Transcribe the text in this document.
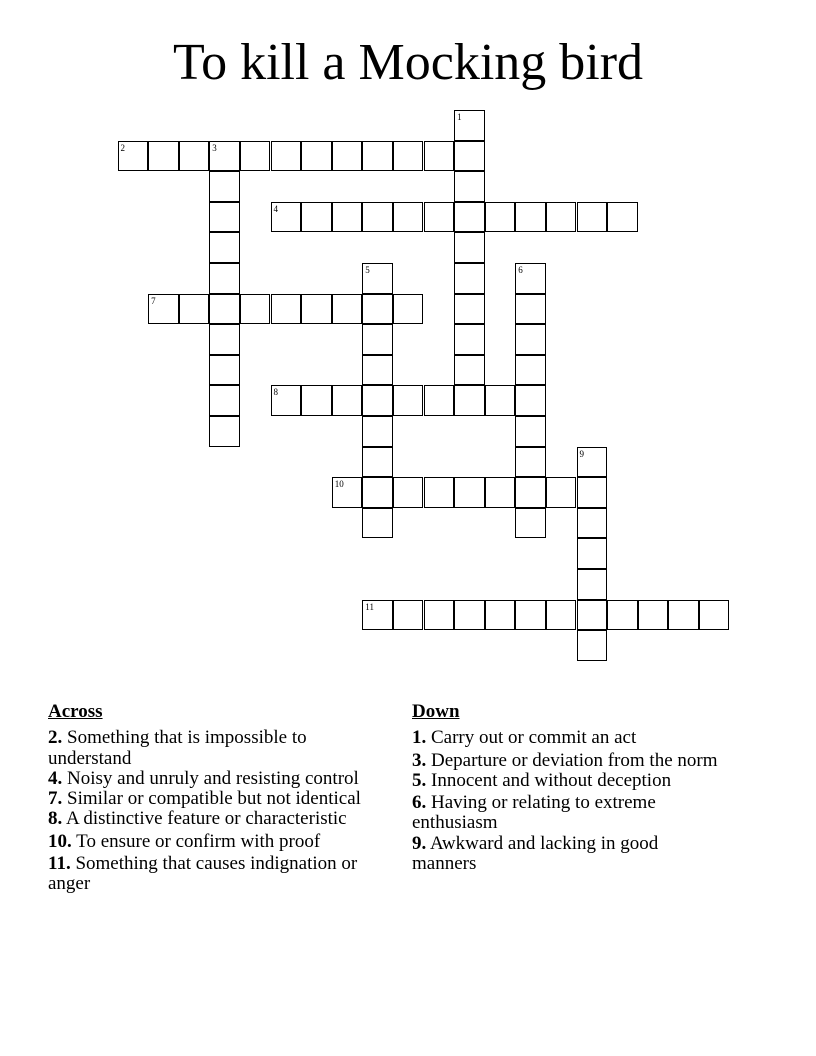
To kill a Mocking bird
1
2	3
4
5	6
7
8
9
10
11
Across
2. Something that is impossible to understand
4. Noisy and unruly and resisting control
7. Similar or compatible but not identical
8. A distinctive feature or characteristic
10. To ensure or confirm with proof
11. Something that causes indignation or anger
Down
1. Carry out or commit an act
3. Departure or deviation from the norm
5. Innocent and without deception
6. Having or relating to extreme enthusiasm
9. Awkward and lacking in good manners
